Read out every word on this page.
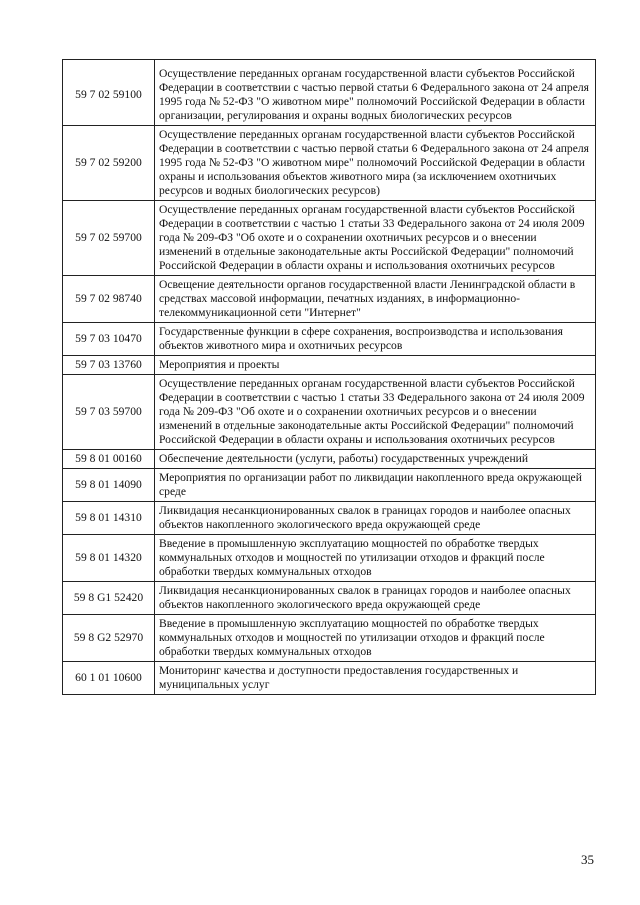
59 7 02 59100	Осуществление переданных органам государственной власти субъектов Российской Федерации в соответствии с частью первой статьи 6 Федерального закона от 24 апреля 1995 года № 52-ФЗ "О животном мире" полномочий Российской Федерации в области организации, регулирования и охраны водных биологических ресурсов
59 7 02 59200	Осуществление переданных органам государственной власти субъектов Российской Федерации в соответствии с частью первой статьи 6 Федерального закона от 24 апреля 1995 года № 52-ФЗ "О животном мире" полномочий Российской Федерации в области охраны и использования объектов животного мира (за исключением охотничьих ресурсов и водных биологических ресурсов)
59 7 02 59700	Осуществление переданных органам государственной власти субъектов Российской Федерации в соответствии с частью 1 статьи 33 Федерального закона от 24 июля 2009 года № 209-ФЗ "Об охоте и о сохранении охотничьих ресурсов и о внесении изменений в отдельные законодательные акты Российской Федерации" полномочий Российской Федерации в области охраны и использования охотничьих ресурсов
59 7 02 98740	Освещение деятельности органов государственной власти Ленинградской области в средствах массовой информации, печатных изданиях, в информационно-телекоммуникационной сети "Интернет"
59 7 03 10470	Государственные функции в сфере сохранения, воспроизводства и использования объектов животного мира и охотничьих ресурсов
59 7 03 13760	Мероприятия и проекты
59 7 03 59700	Осуществление переданных органам государственной власти субъектов Российской Федерации в соответствии с частью 1 статьи 33 Федерального закона от 24 июля 2009 года № 209-ФЗ "Об охоте и о сохранении охотничьих ресурсов и о внесении изменений в отдельные законодательные акты Российской Федерации" полномочий Российской Федерации в области охраны и использования охотничьих ресурсов
59 8 01 00160	Обеспечение деятельности (услуги, работы) государственных учреждений
59 8 01 14090	Мероприятия по организации работ по ликвидации накопленного вреда окружающей среде
59 8 01 14310	Ликвидация несанкционированных свалок в границах городов и наиболее опасных объектов накопленного экологического вреда окружающей среде
59 8 01 14320	Введение в промышленную эксплуатацию мощностей по обработке твердых коммунальных отходов и мощностей по утилизации отходов и фракций после обработки твердых коммунальных отходов
59 8 G1 52420	Ликвидация несанкционированных свалок в границах городов и наиболее опасных объектов накопленного экологического вреда окружающей среде
59 8 G2 52970	Введение в промышленную эксплуатацию мощностей по обработке твердых коммунальных отходов и мощностей по утилизации отходов и фракций после обработки твердых коммунальных отходов
60 1 01 10600	Мониторинг качества и доступности предоставления государственных и муниципальных услуг
35
